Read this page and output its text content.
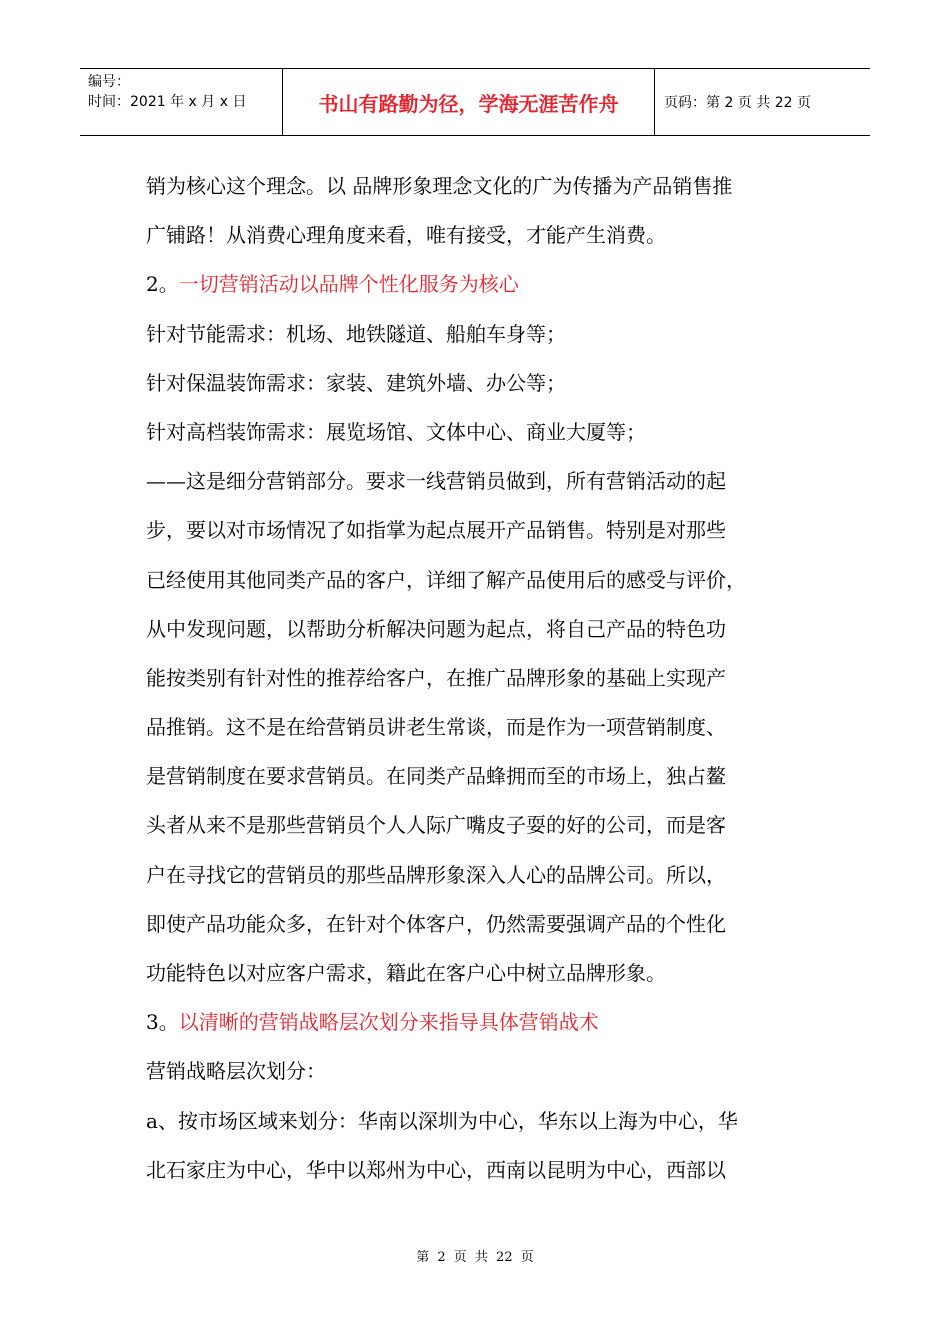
编号：
时间：2021 年 x 月 x 日	书山有路勤为径，学海无涯苦作舟	页码：第 2 页 共 22 页
销为核心这个理念。以 品牌形象理念文化的广为传播为产品销售推
广铺路！从消费心理角度来看，唯有接受，才能产生消费。
2。一切营销活动以品牌个性化服务为核心
针对节能需求：机场、地铁隧道、船舶车身等；
针对保温装饰需求：家装、建筑外墙、办公等；
针对高档装饰需求：展览场馆、文体中心、商业大厦等；
——这是细分营销部分。要求一线营销员做到，所有营销活动的起
步，要以对市场情况了如指掌为起点展开产品销售。特别是对那些
已经使用其他同类产品的客户，详细了解产品使用后的感受与评价，
从中发现问题，以帮助分析解决问题为起点，将自己产品的特色功
能按类别有针对性的推荐给客户，在推广品牌形象的基础上实现产
品推销。这不是在给营销员讲老生常谈，而是作为一项营销制度、
是营销制度在要求营销员。在同类产品蜂拥而至的市场上，独占鳌
头者从来不是那些营销员个人人际广嘴皮子耍的好的公司，而是客
户在寻找它的营销员的那些品牌形象深入人心的品牌公司。所以，
即使产品功能众多，在针对个体客户，仍然需要强调产品的个性化
功能特色以对应客户需求，籍此在客户心中树立品牌形象。
3。以清晰的营销战略层次划分来指导具体营销战术
营销战略层次划分：
a、按市场区域来划分：华南以深圳为中心，华东以上海为中心，华
北石家庄为中心，华中以郑州为中心，西南以昆明为中心，西部以
第 2 页 共 22 页
